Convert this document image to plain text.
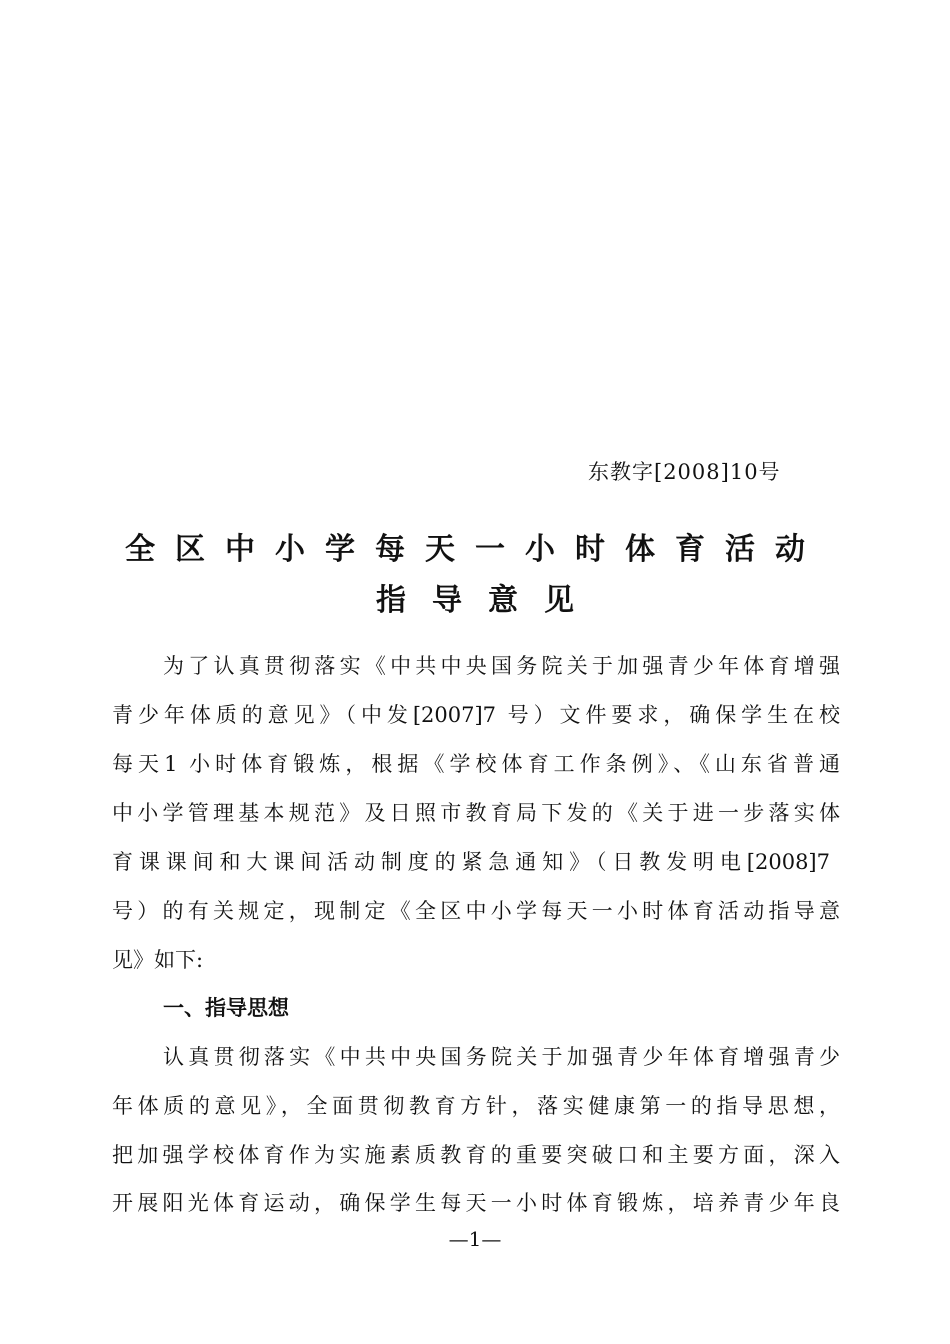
东教字[2008]10号
全区中小学每天一小时体育活动
指导意见
为了认真贯彻落实《中共中央国务院关于加强青少年体育增强
青少年体质的意见》（中发[2007]7 号）文件要求，确保学生在校
每天1 小时体育锻炼，根据《学校体育工作条例》、《山东省普通
中小学管理基本规范》及日照市教育局下发的《关于进一步落实体
育课课间和大课间活动制度的紧急通知》（日教发明电[2008]7
号）的有关规定，现制定《全区中小学每天一小时体育活动指导意
见》如下:
一、指导思想
认真贯彻落实《中共中央国务院关于加强青少年体育增强青少
年体质的意见》，全面贯彻教育方针，落实健康第一的指导思想，
把加强学校体育作为实施素质教育的重要突破口和主要方面，深入
开展阳光体育运动，确保学生每天一小时体育锻炼，培养青少年良
—1—
